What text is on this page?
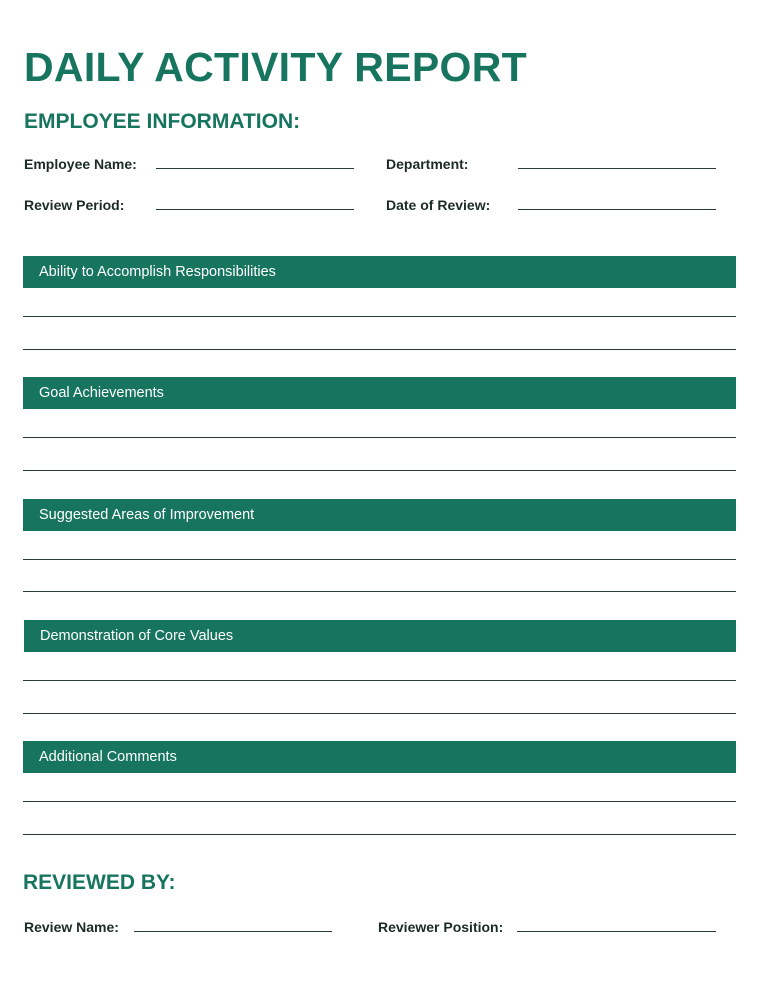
DAILY ACTIVITY REPORT
EMPLOYEE INFORMATION:
Employee Name:	Department:
Review Period:	Date of Review:
Ability to Accomplish Responsibilities
Goal Achievements
Suggested Areas of Improvement
Demonstration of Core Values
Additional Comments
REVIEWED BY:
Review Name:	Reviewer Position:
